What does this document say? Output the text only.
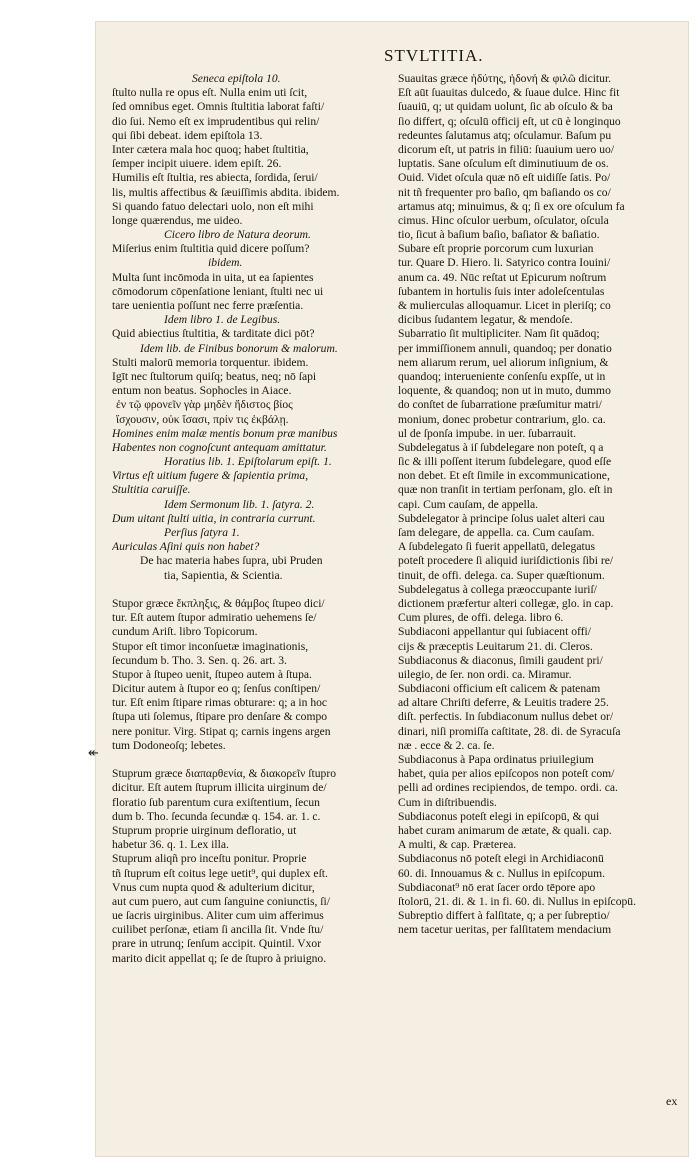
STVLTITIA.
Seneca epiſtola 10.
ſtulto nulla re opus eſt. Nulla enim uti ſcit,
ſed omnibus eget. Omnis ſtultitia laborat faſti/
dio ſui. Nemo eſt ex imprudentibus qui relin/
qui ſibi debeat. idem epiſtola 13.
Inter cætera mala hoc quoq; habet ſtultitia,
ſemper incipit uiuere. idem epiſt. 26.
Humilis eſt ſtultia, res abiecta, ſordida, ſerui/
lis, multis affectibus & ſæuiſſimis abdita. ibidem.
Si quando fatuo delectari uolo, non eſt mihi
longe quærendus, me uideo.
Cicero libro de Natura deorum.
Miſerius enim ſtultitia quid dicere poſſum?
ibidem.
Multa ſunt incōmoda in uita, ut ea ſapientes
cōmodorum cōpenſatione leniant, ſtulti nec ui
tare uenientia poſſunt nec ferre præſentia.
Idem libro 1. de Legibus.
Quid abiectius ſtultitia, & tarditate dici pōt?
Idem lib. de Finibus bonorum & malorum.
Stulti malorū memoria torquentur. ibidem.
Igīt nec ſtultorum quiſq; beatus, neq; nō ſapi
entum non beatus. Sophocles in Aiace.
ἐν τῷ φρονεῖν γὰρ μηδὲν ἥδιστος βίος
ἴσχουσιν, οὐκ ἴσασι, πρίν τις ἐκβάλῃ.
Homines enim malæ mentis bonum præ manibus
Habentes non cognoſcunt antequam amittatur.
Horatius lib. 1. Epiſtolarum epiſt. 1.
Virtus eſt uitium fugere & ſapientia prima,
Stultitia caruiſſe.
Idem Sermonum lib. 1. ſatyra. 2.
Dum uitant ſtulti uitia, in contraria currunt.
Perſius ſatyra 1.
Auriculas Aſini quis non habet?
De hac materia habes ſupra, ubi Pruden
tia, Sapientia, & Scientia.
Stupor græce ἔκπληξις, & θάμβος ſtupeo dici/
tur. Eſt autem ſtupor admiratio uehemens ſe/
cundum Ariſt. libro Topicorum.
Stupor eſt timor inconſuetæ imaginationis,
ſecundum b. Tho. 3. Sen. q. 26. art. 3.
Stupor à ſtupeo uenit, ſtupeo autem à ſtupa.
Dicitur autem à ſtupor eo q; ſenſus conſtipen/
tur. Eſt enim ſtipare rimas obturare: q; a in hoc
ſtupa uti ſolemus, ſtipare pro denſare & compo
nere ponitur. Virg. Stipat q; carnis ingens argen
tum Dodoneoſq; lebetes.
Stuprum græce διαπαρθενία, & διακορεῖν ſtupro
dicitur. Eſt autem ſtuprum illicita uirginum de/
floratio ſub parentum cura exiſtentium, ſecun
dum b. Tho. ſecunda ſecundæ q. 154. ar. 1. c.
Stuprum proprie uirginum defloratio, ut
habetur 36. q. 1. Lex illa.
Stuprum aliqñ pro inceſtu ponitur. Proprie
tñ ſtuprum eſt coitus lege uetit⁹, qui duplex eſt.
Vnus cum nupta quod & adulterium dicitur,
aut cum puero, aut cum ſanguine coniunctis, ſi/
ue ſacris uirginibus. Aliter cum uim afferimus
cuilibet perſonæ, etiam ſi ancilla ſit. Vnde ſtu/
prare in utrunq; ſenſum accipit. Quintil. Vxor
marito dicit appellat q; ſe de ſtupro à priuigno.
Suauitas græce ἡδύτης, ἡδονή & φιλῶ dicitur.
Eſt aūt ſuauitas dulcedo, & ſuaue dulce. Hinc fit
ſuauiū, q; ut quidam uolunt, ſic ab oſculo & ba
ſio differt, q; oſculū officij eſt, ut cū è longinquo
redeuntes ſalutamus atq; oſculamur. Baſum pu
dicorum eſt, ut patris in filiū: ſuauium uero uo/
luptatis. Sane oſculum eſt diminutiuum de os.
Ouid. Videt oſcula quæ nō eſt uidiſſe ſatis. Po/
nit tñ frequenter pro baſio, qm baſiando os co/
artamus atq; minuimus, & q; ſi ex ore oſculum fa
cimus. Hinc oſculor uerbum, oſculator, oſcula
tio, ſicut à baſium baſio, baſiator & baſiatio.
Subare eſt proprie porcorum cum luxurian
tur. Quare D. Hiero. li. Satyrico contra Iouini/
anum ca. 49. Nūc reſtat ut Epicurum noſtrum
ſubantem in hortulis ſuis inter adoleſcentulas
& mulierculas alloquamur. Licet in pleriſq; co
dicibus ſudantem legatur, & mendoſe.
Subarratio ſit multipliciter. Nam ſit quādoq;
per immiſſionem annuli, quandoq; per donatio
nem aliarum rerum, uel aliorum inſignium, &
quandoq; interueniente conſenſu expſſe, ut in
loquente, & quandoq; non ut in muto, dummo
do conſtet de ſubarratione præſumitur matri/
monium, donec probetur contrarium, glo. ca.
ul de ſponſa impube. in uer. ſubarrauit.
Subdelegatus à iſ ſubdelegare non poteſt, q a
ſic & illi poſſent iterum ſubdelegare, quod eſſe
non debet. Et eſt ſimile in excommunicatione,
quæ non tranſit in tertiam perſonam, glo. eſt in
capi. Cum cauſam, de appella.
Subdelegator à principe ſolus ualet alteri cau
ſam delegare, de appella. ca. Cum cauſam.
A ſubdelegato ſi fuerit appellatū, delegatus
poteſt procedere ſi aliquid iuriſdictionis ſibi re/
tinuit, de offi. delega. ca. Super quæſtionum.
Subdelegatus à collega præoccupante iuriſ/
dictionem præfertur alteri collegæ, glo. in cap.
Cum plures, de offi. delega. libro 6.
Subdiaconi appellantur qui ſubiacent offi/
cijs & præceptis Leuitarum 21. di. Cleros.
Subdiaconus & diaconus, ſimili gaudent pri/
uilegio, de ſer. non ordi. ca. Miramur.
Subdiaconi officium eſt calicem & patenam
ad altare Chriſti deferre, & Leuitis tradere 25.
diſt. perfectis. In ſubdiaconum nullus debet or/
dinari, niſi promiſſa caſtitate, 28. di. de Syracuſa
næ . ecce & 2. ca. ſe.
Subdiaconus à Papa ordinatus priuilegium
habet, quia per alios epiſcopos non poteſt com/
pelli ad ordines recipiendos, de tempo. ordi. ca.
Cum in diſtribuendis.
Subdiaconus poteſt elegi in epiſcopū, & qui
habet curam animarum de ætate, & quali. cap.
A multi, & cap. Præterea.
Subdiaconus nō poteſt elegi in Archidiaconū
60. di. Innouamus & c. Nullus in epiſcopum.
Subdiaconat⁹ nō erat ſacer ordo tēpore apo
ſtolorū, 21. di. & 1. in fi. 60. di. Nullus in epiſcopū.
Subreptio differt à falſitate, q; a per ſubreptio/
nem tacetur ueritas, per falſitatem mendacium
↞
ex
